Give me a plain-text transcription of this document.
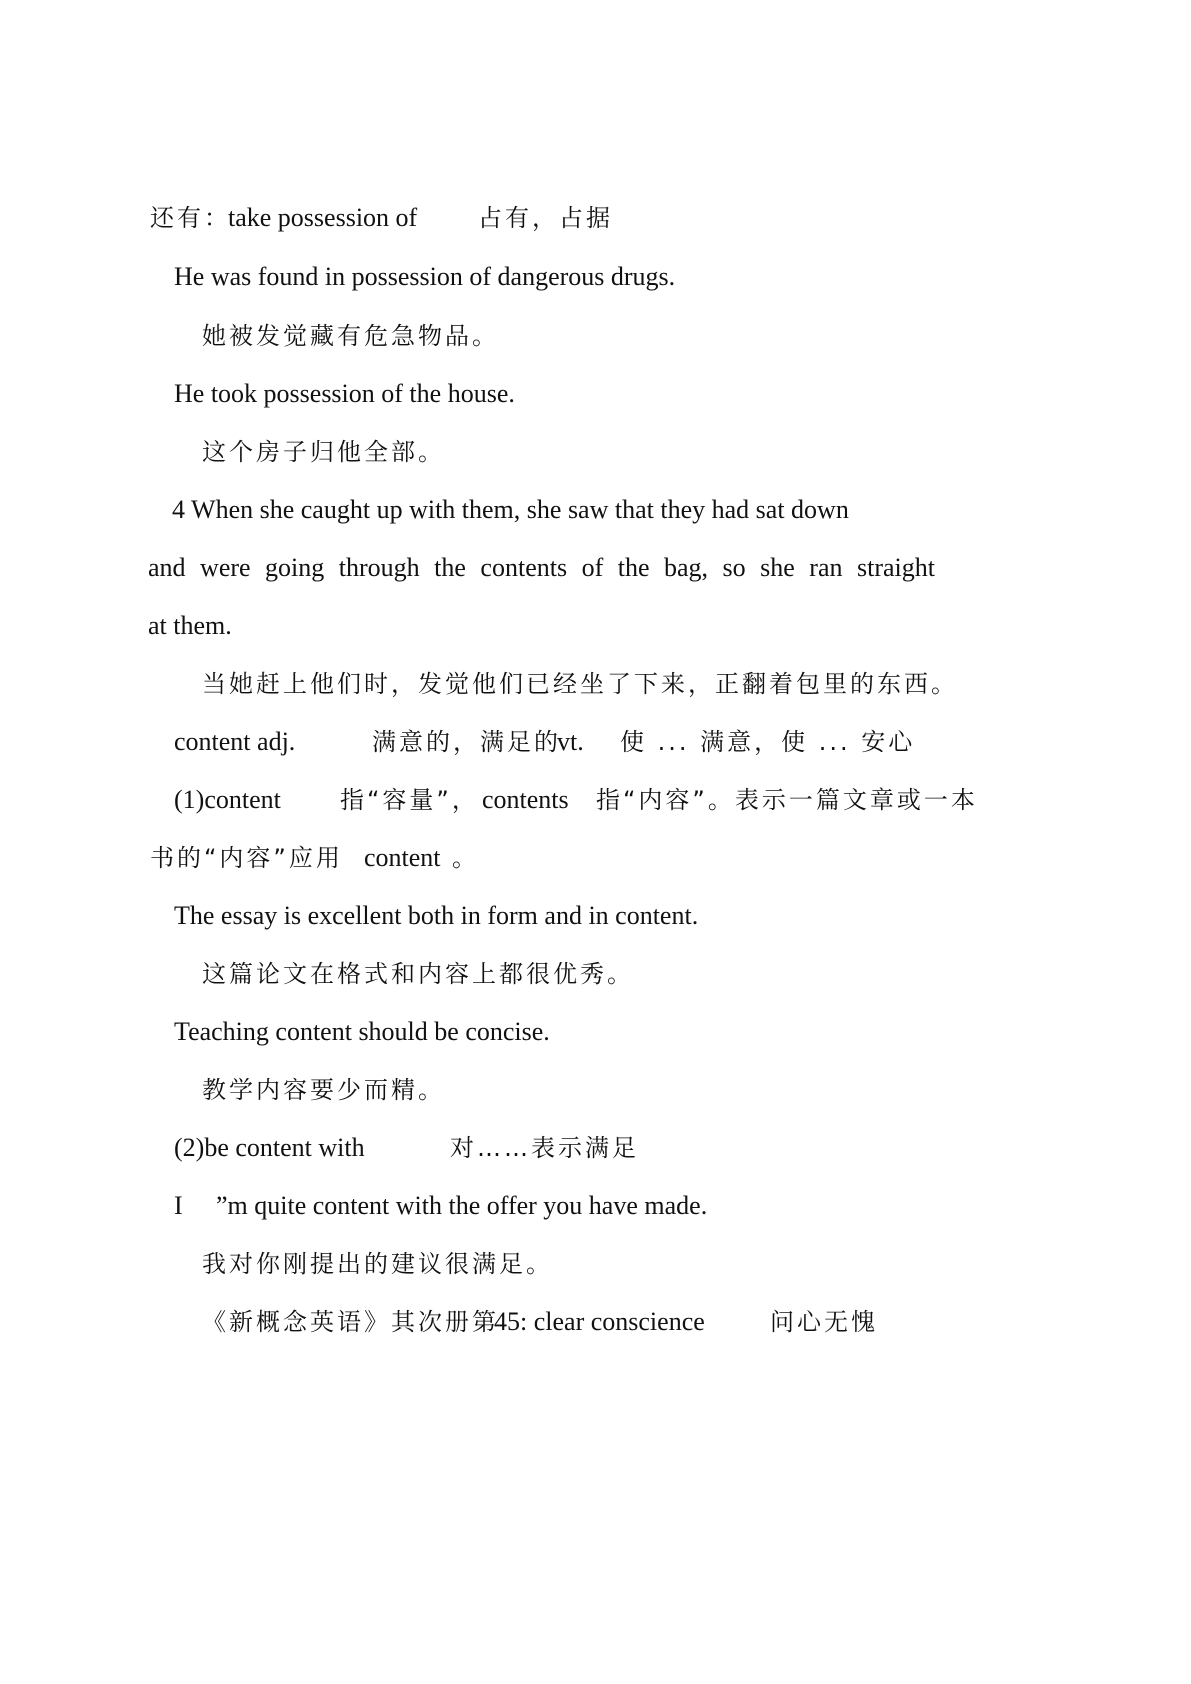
还有：
take possession of	占有，占据
He was found in possession of dangerous drugs.
她被发觉藏有危急物品。
He took possession of the house.
这个房子归他全部。
4 When she caught up with them, she saw that they had sat down
and were going through the contents of the bag, so she ran straight
at them.
当她赶上他们时，发觉他们已经坐了下来，正翻着包里的东西。
content adj.	满意的，满足的
vt. 使 ... 满意，使 ... 安心
(1)content 指“容量”， contents 指“内容”。表示一篇文章或一本
书的“内容”应用 content 。
The essay is excellent both in form and in content.
这篇论文在格式和内容上都很优秀。
Teaching content should be concise.
教学内容要少而精。
(2)be content with	对……表示满足
I ”m quite content with the offer you have made.
我对你刚提出的建议很满足。
《新概念英语》其次册第
45: clear conscience	问心无愧
